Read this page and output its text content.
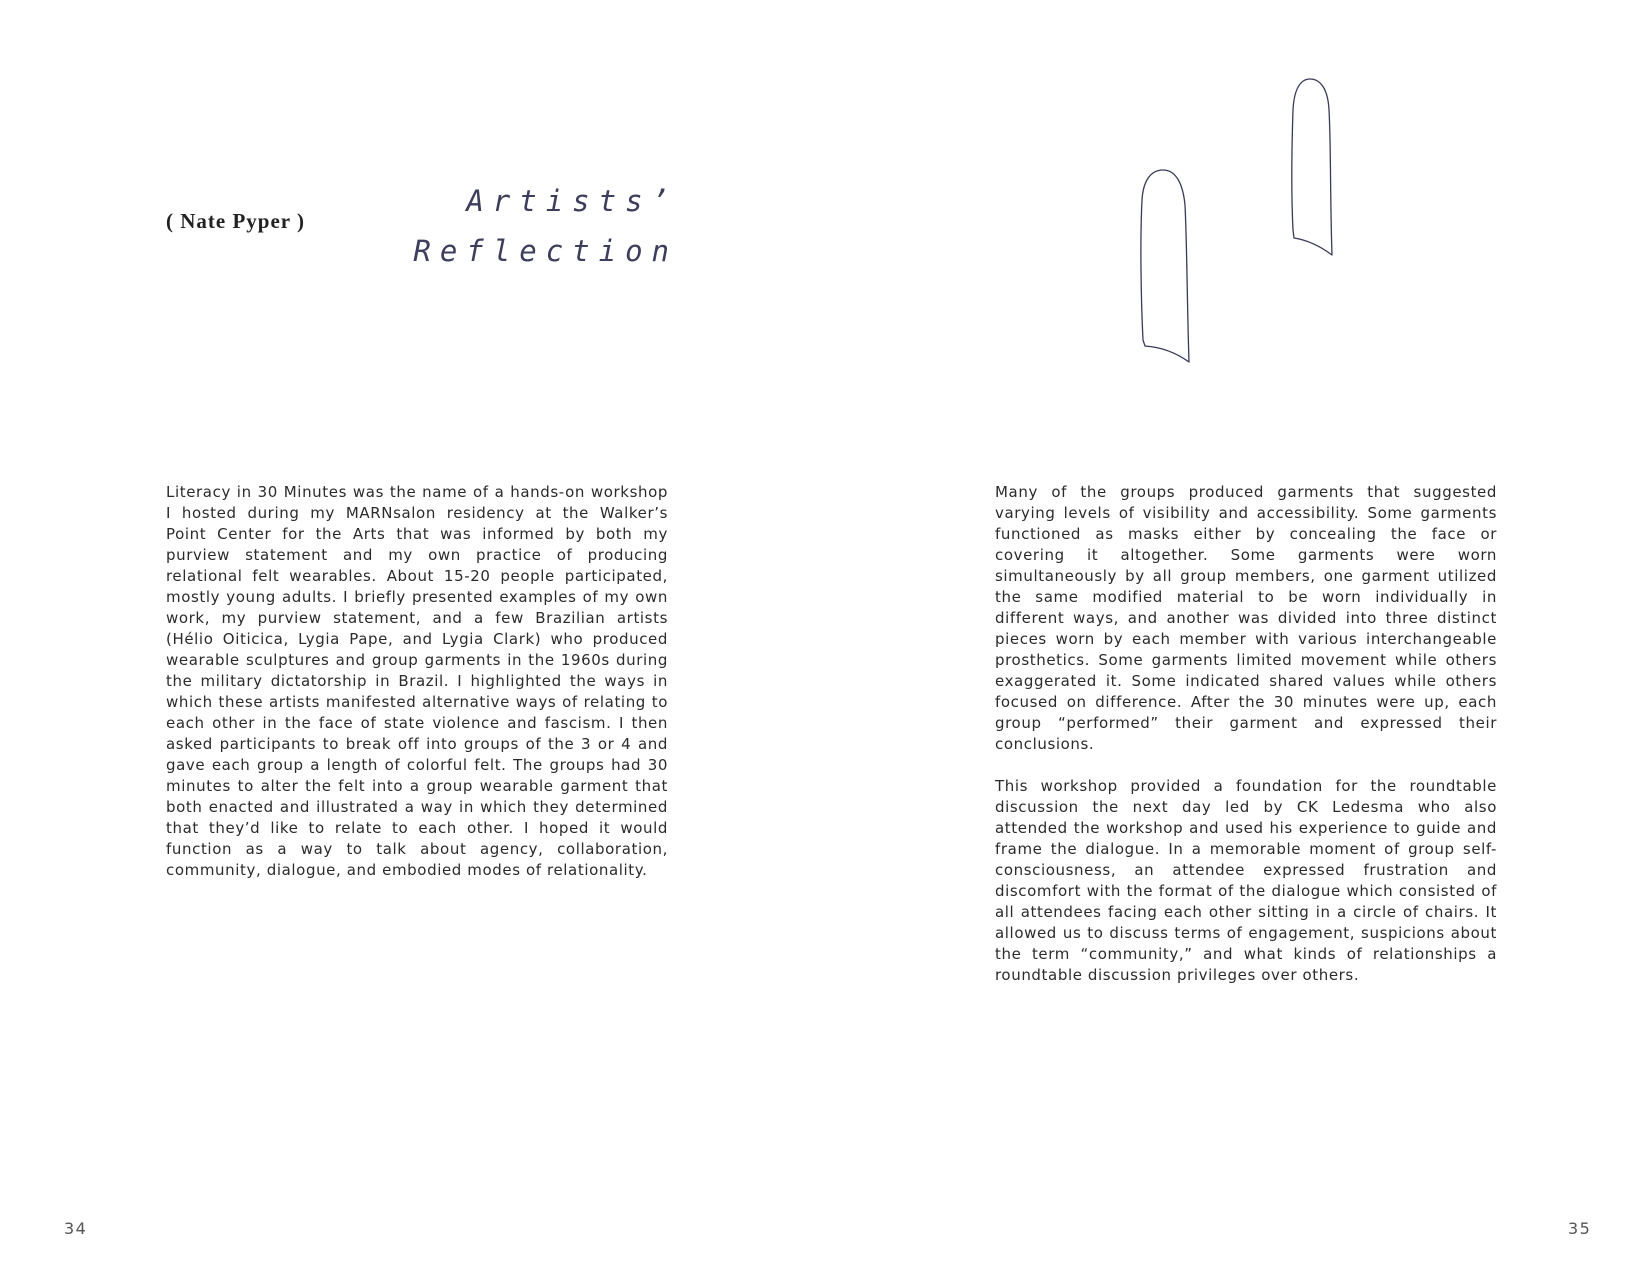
( Nate Pyper )
Artists’
Reflection

Literacy in 30 Minutes was the name of a hands-on workshop I hosted during my MARNsalon residency at the Walker’s Point Center for the Arts that was informed by both my purview statement and my own practice of producing relational felt wearables. About 15-20 people participated, mostly young adults. I briefly presented examples of my own work, my purview statement, and a few Brazilian artists (Hélio Oiticica, Lygia Pape, and Lygia Clark) who produced wearable sculptures and group garments in the 1960s during the military dictatorship in Brazil. I highlighted the ways in which these artists manifested alternative ways of relating to each other in the face of state violence and fascism. I then asked participants to break off into groups of the 3 or 4 and gave each group a length of colorful felt. The groups had 30 minutes to alter the felt into a group wearable garment that both enacted and illustrated a way in which they determined that they’d like to relate to each other. I hoped it would function as a way to talk about agency, collaboration, community, dialogue, and embodied modes of relationality.

34

Many of the groups produced garments that suggested varying levels of visibility and accessibility. Some garments functioned as masks either by concealing the face or covering it altogether. Some garments were worn simultaneously by all group members, one garment utilized the same modified material to be worn individually in different ways, and another was divided into three distinct pieces worn by each member with various interchangeable prosthetics. Some garments limited movement while others exaggerated it. Some indicated shared values while others focused on difference. After the 30 minutes were up, each group “performed” their garment and expressed their conclusions.

This workshop provided a foundation for the roundtable discussion the next day led by CK Ledesma who also attended the workshop and used his experience to guide and frame the dialogue. In a memorable moment of group self-consciousness, an attendee expressed frustration and discomfort with the format of the dialogue which consisted of all attendees facing each other sitting in a circle of chairs. It allowed us to discuss terms of engagement, suspicions about the term “community,” and what kinds of relationships a roundtable discussion privileges over others.

35
